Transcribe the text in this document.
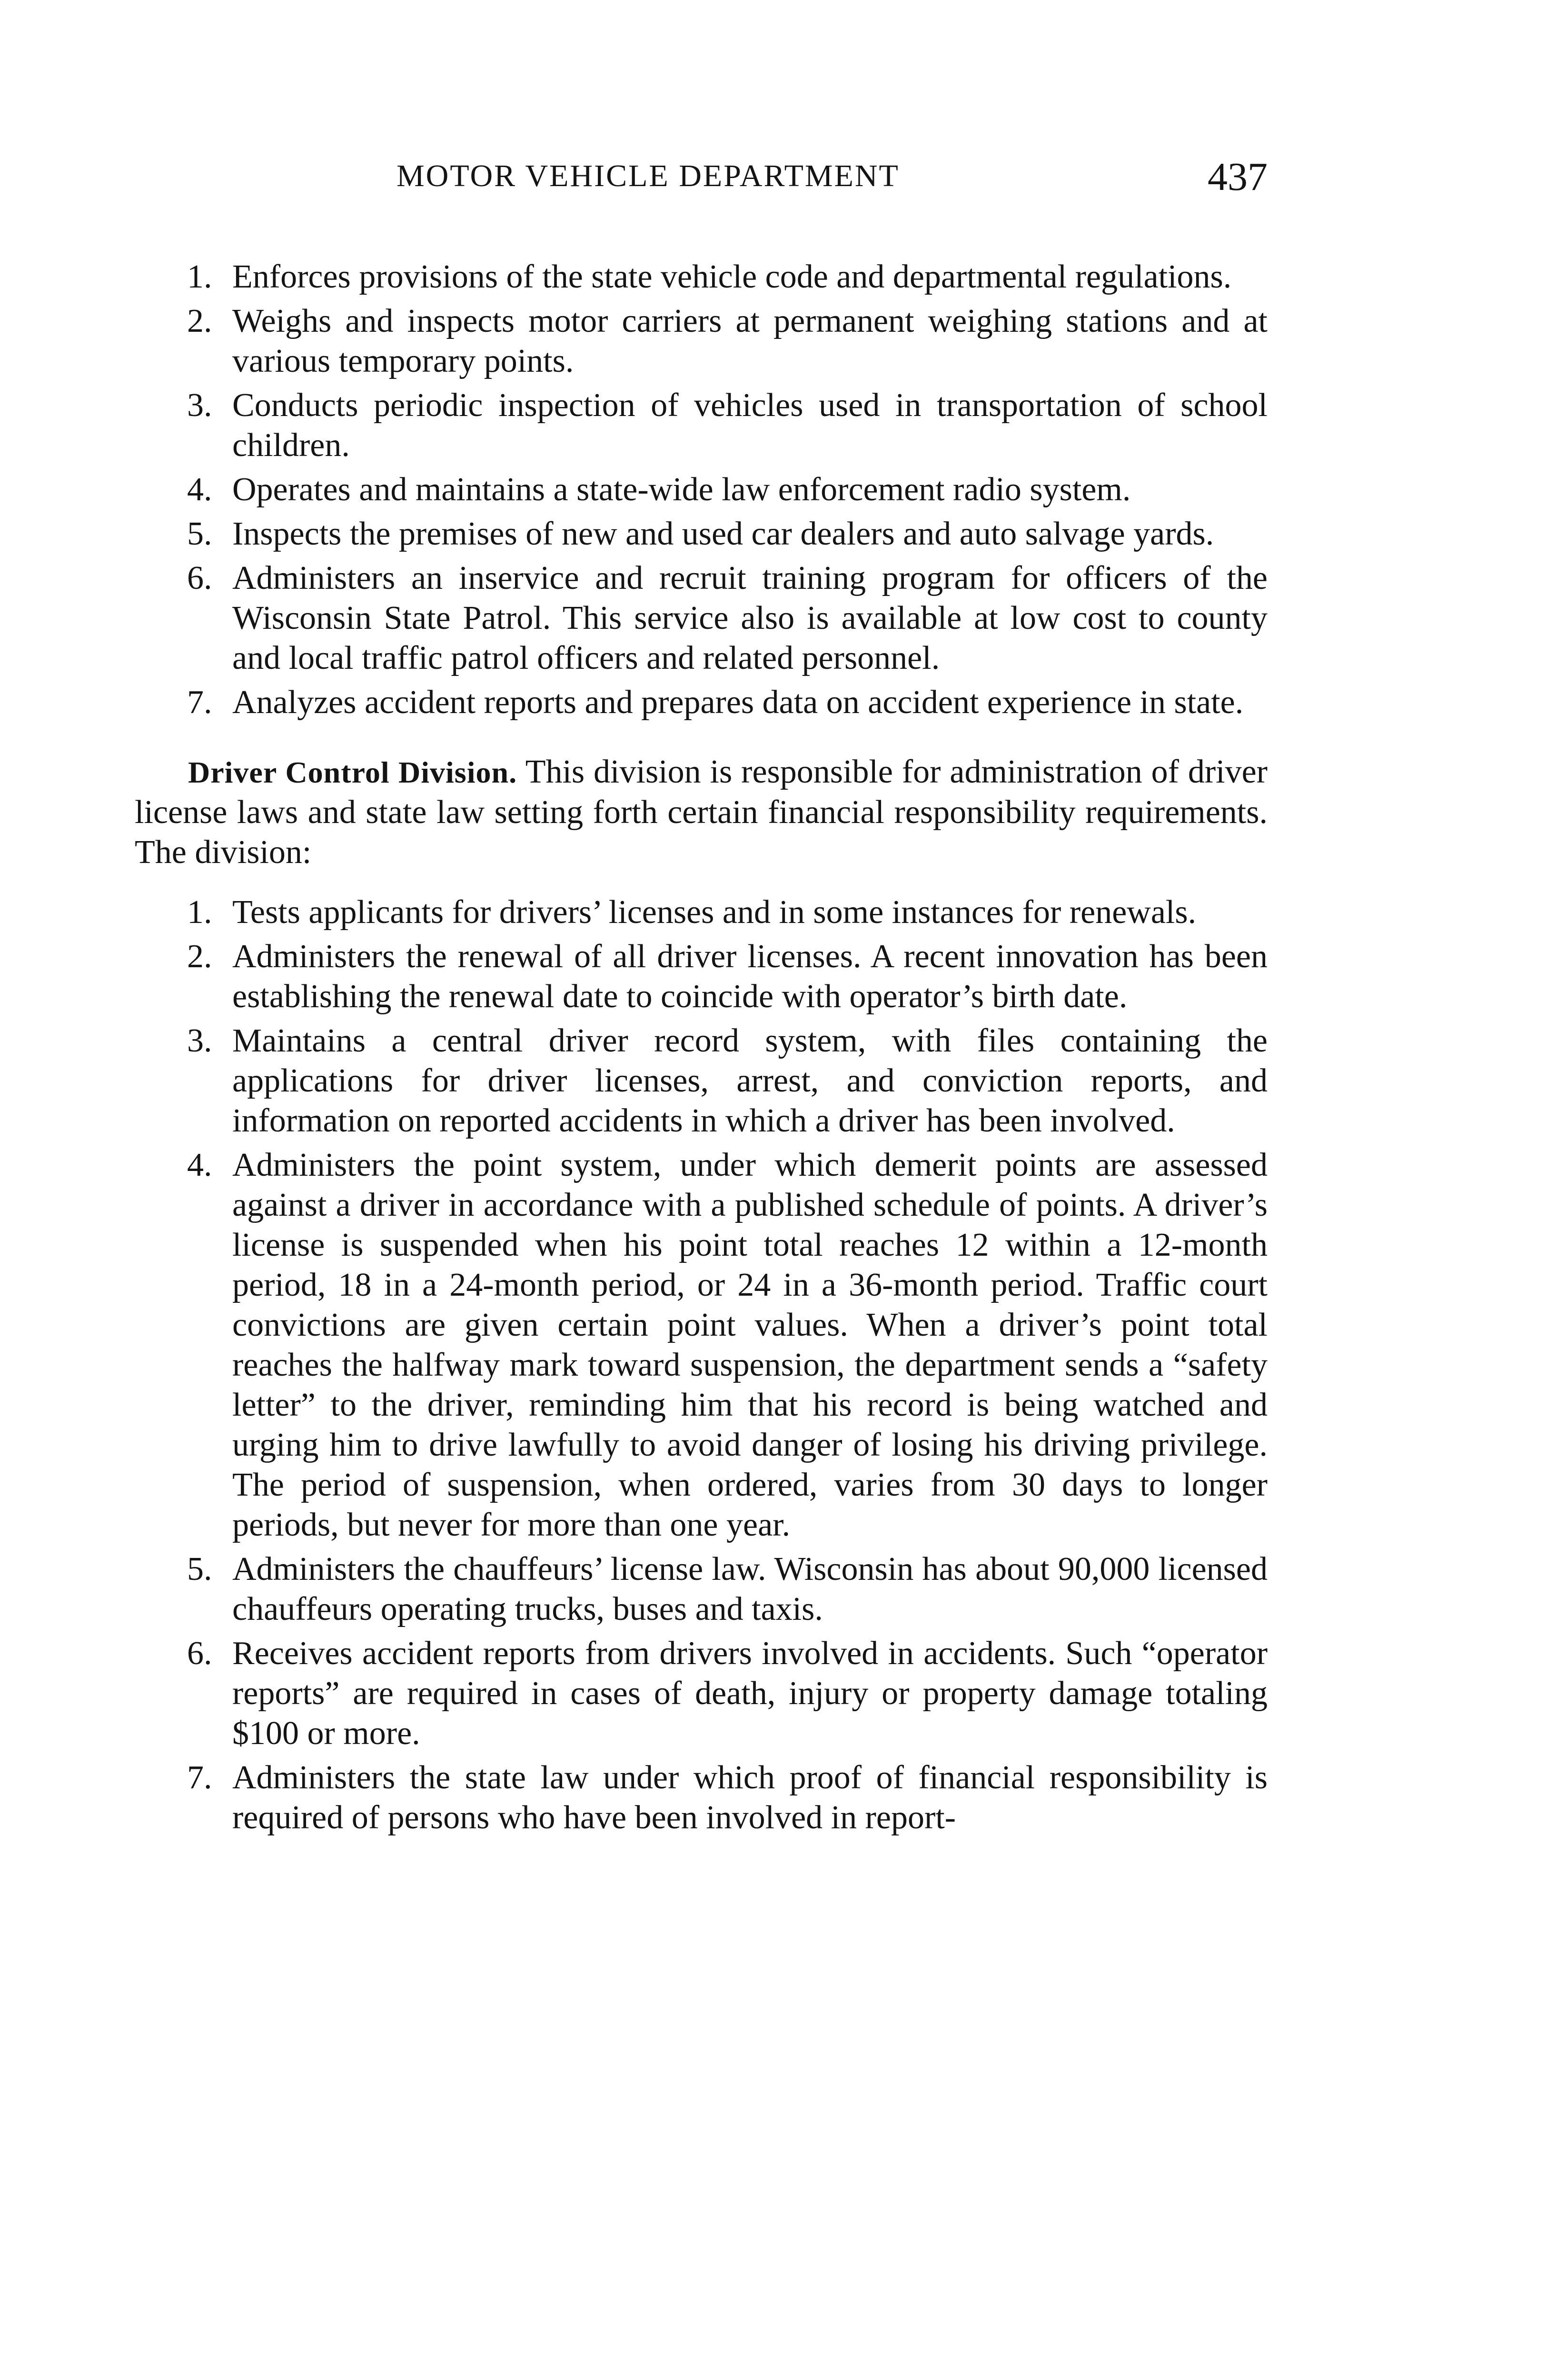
MOTOR VEHICLE DEPARTMENT	437
1. Enforces provisions of the state vehicle code and departmental regulations.
2. Weighs and inspects motor carriers at permanent weighing stations and at various temporary points.
3. Conducts periodic inspection of vehicles used in transportation of school children.
4. Operates and maintains a state-wide law enforcement radio system.
5. Inspects the premises of new and used car dealers and auto salvage yards.
6. Administers an inservice and recruit training program for officers of the Wisconsin State Patrol. This service also is available at low cost to county and local traffic patrol officers and related personnel.
7. Analyzes accident reports and prepares data on accident experience in state.

Driver Control Division. This division is responsible for administration of driver license laws and state law setting forth certain financial responsibility requirements. The division:

1. Tests applicants for drivers’ licenses and in some instances for renewals.
2. Administers the renewal of all driver licenses. A recent innovation has been establishing the renewal date to coincide with operator’s birth date.
3. Maintains a central driver record system, with files containing the applications for driver licenses, arrest, and conviction reports, and information on reported accidents in which a driver has been involved.
4. Administers the point system, under which demerit points are assessed against a driver in accordance with a published schedule of points. A driver’s license is suspended when his point total reaches 12 within a 12-month period, 18 in a 24-month period, or 24 in a 36-month period. Traffic court convictions are given certain point values. When a driver’s point total reaches the halfway mark toward suspension, the department sends a “safety letter” to the driver, reminding him that his record is being watched and urging him to drive lawfully to avoid danger of losing his driving privilege. The period of suspension, when ordered, varies from 30 days to longer periods, but never for more than one year.
5. Administers the chauffeurs’ license law. Wisconsin has about 90,000 licensed chauffeurs operating trucks, buses and taxis.
6. Receives accident reports from drivers involved in accidents. Such “operator reports” are required in cases of death, injury or property damage totaling $100 or more.
7. Administers the state law under which proof of financial responsibility is required of persons who have been involved in report-
